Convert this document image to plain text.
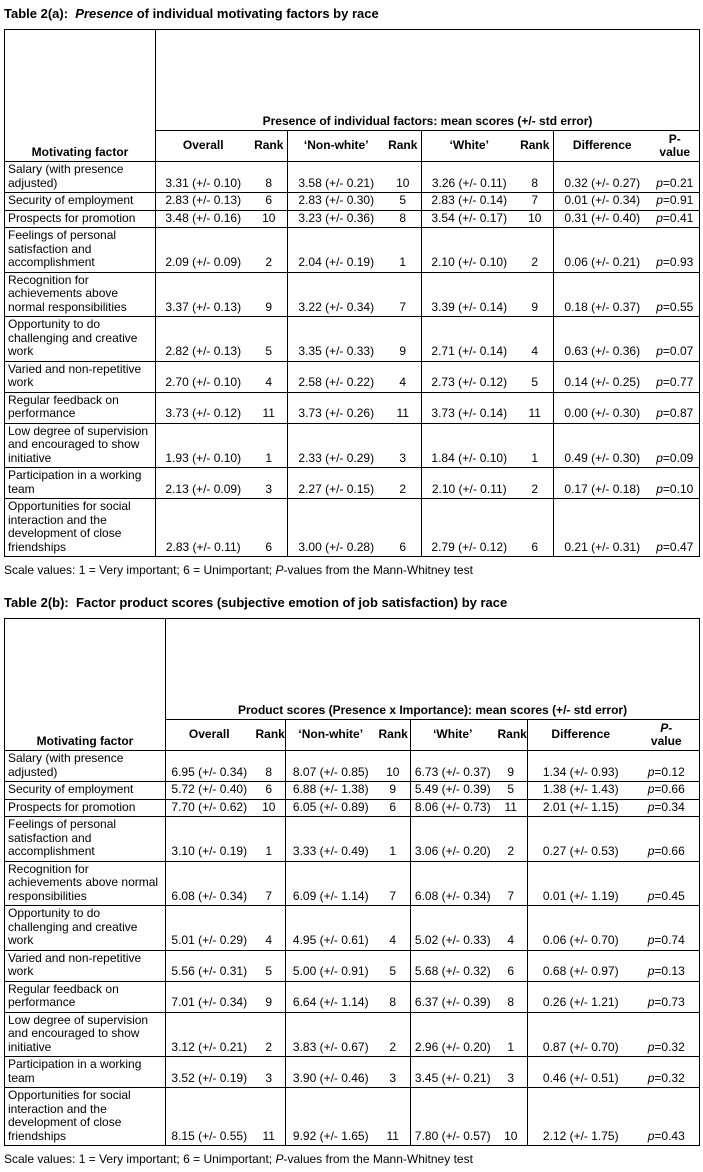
Table 2(a):  Presence of individual motivating factors by race
Motivating factor	Presence of individual factors: mean scores (+/- std error)							
	Overall	Rank	‘Non-white’	Rank	‘White’	Rank	Difference	P-
value
Salary (with presence adjusted)	3.31 (+/- 0.10)	8	3.58 (+/- 0.21)	10	3.26 (+/- 0.11)	8	0.32 (+/- 0.27)	p=0.21
Security of employment	2.83 (+/- 0.13)	6	2.83 (+/- 0.30)	5	2.83 (+/- 0.14)	7	0.01 (+/- 0.34)	p=0.91
Prospects for promotion	3.48 (+/- 0.16)	10	3.23 (+/- 0.36)	8	3.54 (+/- 0.17)	10	0.31 (+/- 0.40)	p=0.41
Feelings of personal satisfaction and accomplishment	2.09 (+/- 0.09)	2	2.04 (+/- 0.19)	1	2.10 (+/- 0.10)	2	0.06 (+/- 0.21)	p=0.93
Recognition for achievements above normal responsibilities	3.37 (+/- 0.13)	9	3.22 (+/- 0.34)	7	3.39 (+/- 0.14)	9	0.18 (+/- 0.37)	p=0.55
Opportunity to do challenging and creative work	2.82 (+/- 0.13)	5	3.35 (+/- 0.33)	9	2.71 (+/- 0.14)	4	0.63 (+/- 0.36)	p=0.07
Varied and non-repetitive work	2.70 (+/- 0.10)	4	2.58 (+/- 0.22)	4	2.73 (+/- 0.12)	5	0.14 (+/- 0.25)	p=0.77
Regular feedback on performance	3.73 (+/- 0.12)	11	3.73 (+/- 0.26)	11	3.73 (+/- 0.14)	11	0.00 (+/- 0.30)	p=0.87
Low degree of supervision and encouraged to show initiative	1.93 (+/- 0.10)	1	2.33 (+/- 0.29)	3	1.84 (+/- 0.10)	1	0.49 (+/- 0.30)	p=0.09
Participation in a working team	2.13 (+/- 0.09)	3	2.27 (+/- 0.15)	2	2.10 (+/- 0.11)	2	0.17 (+/- 0.18)	p=0.10
Opportunities for social interaction and the development of close friendships	2.83 (+/- 0.11)	6	3.00 (+/- 0.28)	6	2.79 (+/- 0.12)	6	0.21 (+/- 0.31)	p=0.47

Scale values: 1 = Very important; 6 = Unimportant; P-values from the Mann-Whitney test

Table 2(b):  Factor product scores (subjective emotion of job satisfaction) by race
Motivating factor	Product scores (Presence x Importance): mean scores (+/- std error)							
	Overall	Rank	‘Non-white’	Rank	‘White’	Rank	Difference	P-
value
Salary (with presence adjusted)	6.95 (+/- 0.34)	8	8.07 (+/- 0.85)	10	6.73 (+/- 0.37)	9	1.34 (+/- 0.93)	p=0.12
Security of employment	5.72 (+/- 0.40)	6	6.88 (+/- 1.38)	9	5.49 (+/- 0.39)	5	1.38 (+/- 1.43)	p=0.66
Prospects for promotion	7.70 (+/- 0.62)	10	6.05 (+/- 0.89)	6	8.06 (+/- 0.73)	11	2.01 (+/- 1.15)	p=0.34
Feelings of personal satisfaction and accomplishment	3.10 (+/- 0.19)	1	3.33 (+/- 0.49)	1	3.06 (+/- 0.20)	2	0.27 (+/- 0.53)	p=0.66
Recognition for achievements above normal responsibilities	6.08 (+/- 0.34)	7	6.09 (+/- 1.14)	7	6.08 (+/- 0.34)	7	0.01 (+/- 1.19)	p=0.45
Opportunity to do challenging and creative work	5.01 (+/- 0.29)	4	4.95 (+/- 0.61)	4	5.02 (+/- 0.33)	4	0.06 (+/- 0.70)	p=0.74
Varied and non-repetitive work	5.56 (+/- 0.31)	5	5.00 (+/- 0.91)	5	5.68 (+/- 0.32)	6	0.68 (+/- 0.97)	p=0.13
Regular feedback on performance	7.01 (+/- 0.34)	9	6.64 (+/- 1.14)	8	6.37 (+/- 0.39)	8	0.26 (+/- 1.21)	p=0.73
Low degree of supervision and encouraged to show initiative	3.12 (+/- 0.21)	2	3.83 (+/- 0.67)	2	2.96 (+/- 0.20)	1	0.87 (+/- 0.70)	p=0.32
Participation in a working team	3.52 (+/- 0.19)	3	3.90 (+/- 0.46)	3	3.45 (+/- 0.21)	3	0.46 (+/- 0.51)	p=0.32
Opportunities for social interaction and the development of close friendships	8.15 (+/- 0.55)	11	9.92 (+/- 1.65)	11	7.80 (+/- 0.57)	10	2.12 (+/- 1.75)	p=0.43

Scale values: 1 = Very important; 6 = Unimportant; P-values from the Mann-Whitney test
